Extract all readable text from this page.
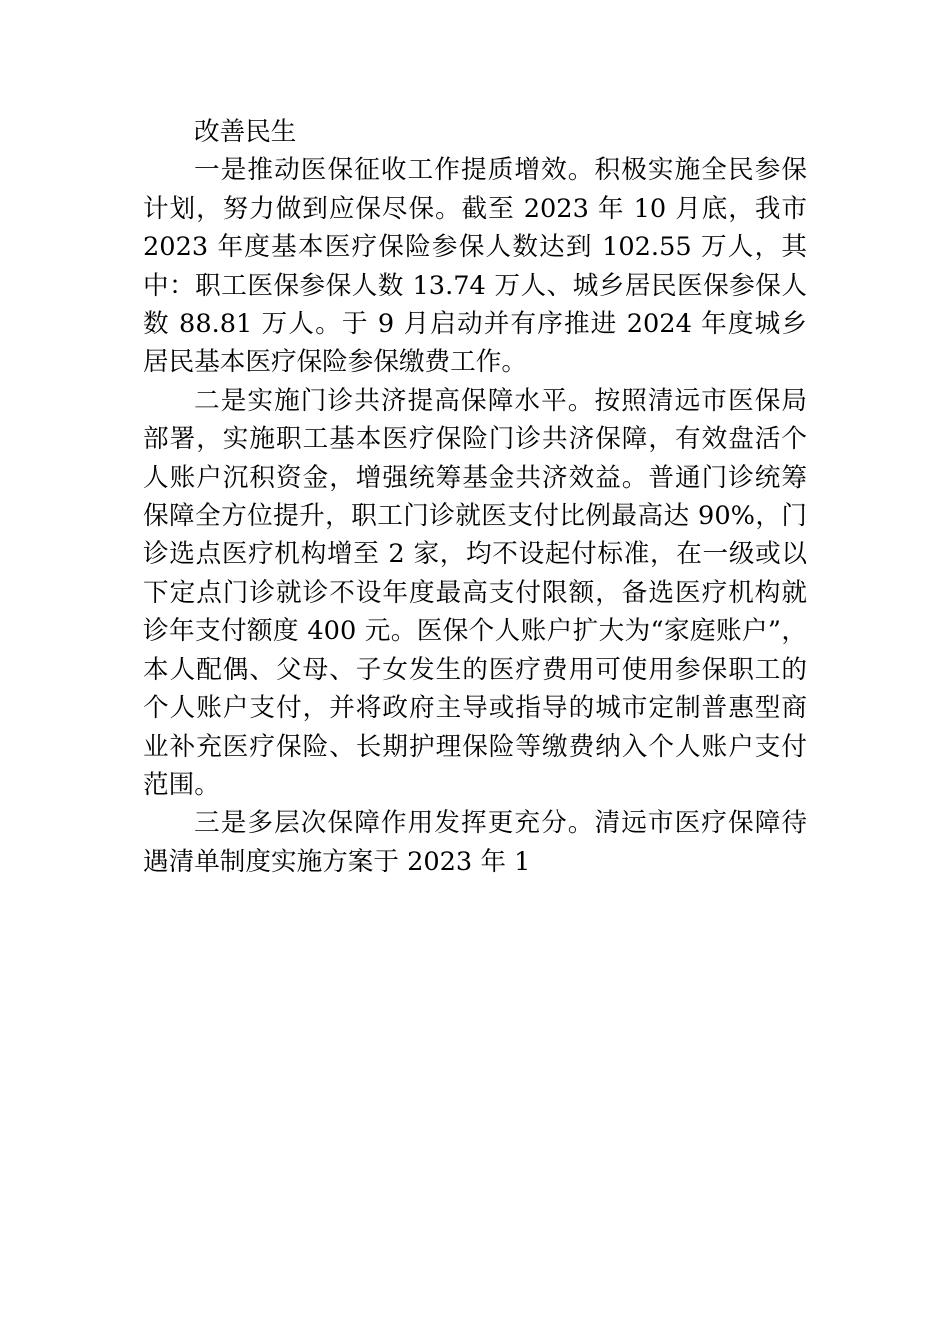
改善民生

一是推动医保征收工作提质增效。积极实施全民参保计划，努力做到应保尽保。截至 2023 年 10 月底，我市 2023 年度基本医疗保险参保人数达到 102.55 万人，其中：职工医保参保人数 13.74 万人、城乡居民医保参保人数 88.81 万人。于 9 月启动并有序推进 2024 年度城乡居民基本医疗保险参保缴费工作。

二是实施门诊共济提高保障水平。按照清远市医保局部署，实施职工基本医疗保险门诊共济保障，有效盘活个人账户沉积资金，增强统筹基金共济效益。普通门诊统筹保障全方位提升，职工门诊就医支付比例最高达 90%，门诊选点医疗机构增至 2 家，均不设起付标准，在一级或以下定点门诊就诊不设年度最高支付限额，备选医疗机构就诊年支付额度 400 元。医保个人账户扩大为“家庭账户”，本人配偶、父母、子女发生的医疗费用可使用参保职工的个人账户支付，并将政府主导或指导的城市定制普惠型商业补充医疗保险、长期护理保险等缴费纳入个人账户支付范围。

三是多层次保障作用发挥更充分。清远市医疗保障待遇清单制度实施方案于 2023 年 1
